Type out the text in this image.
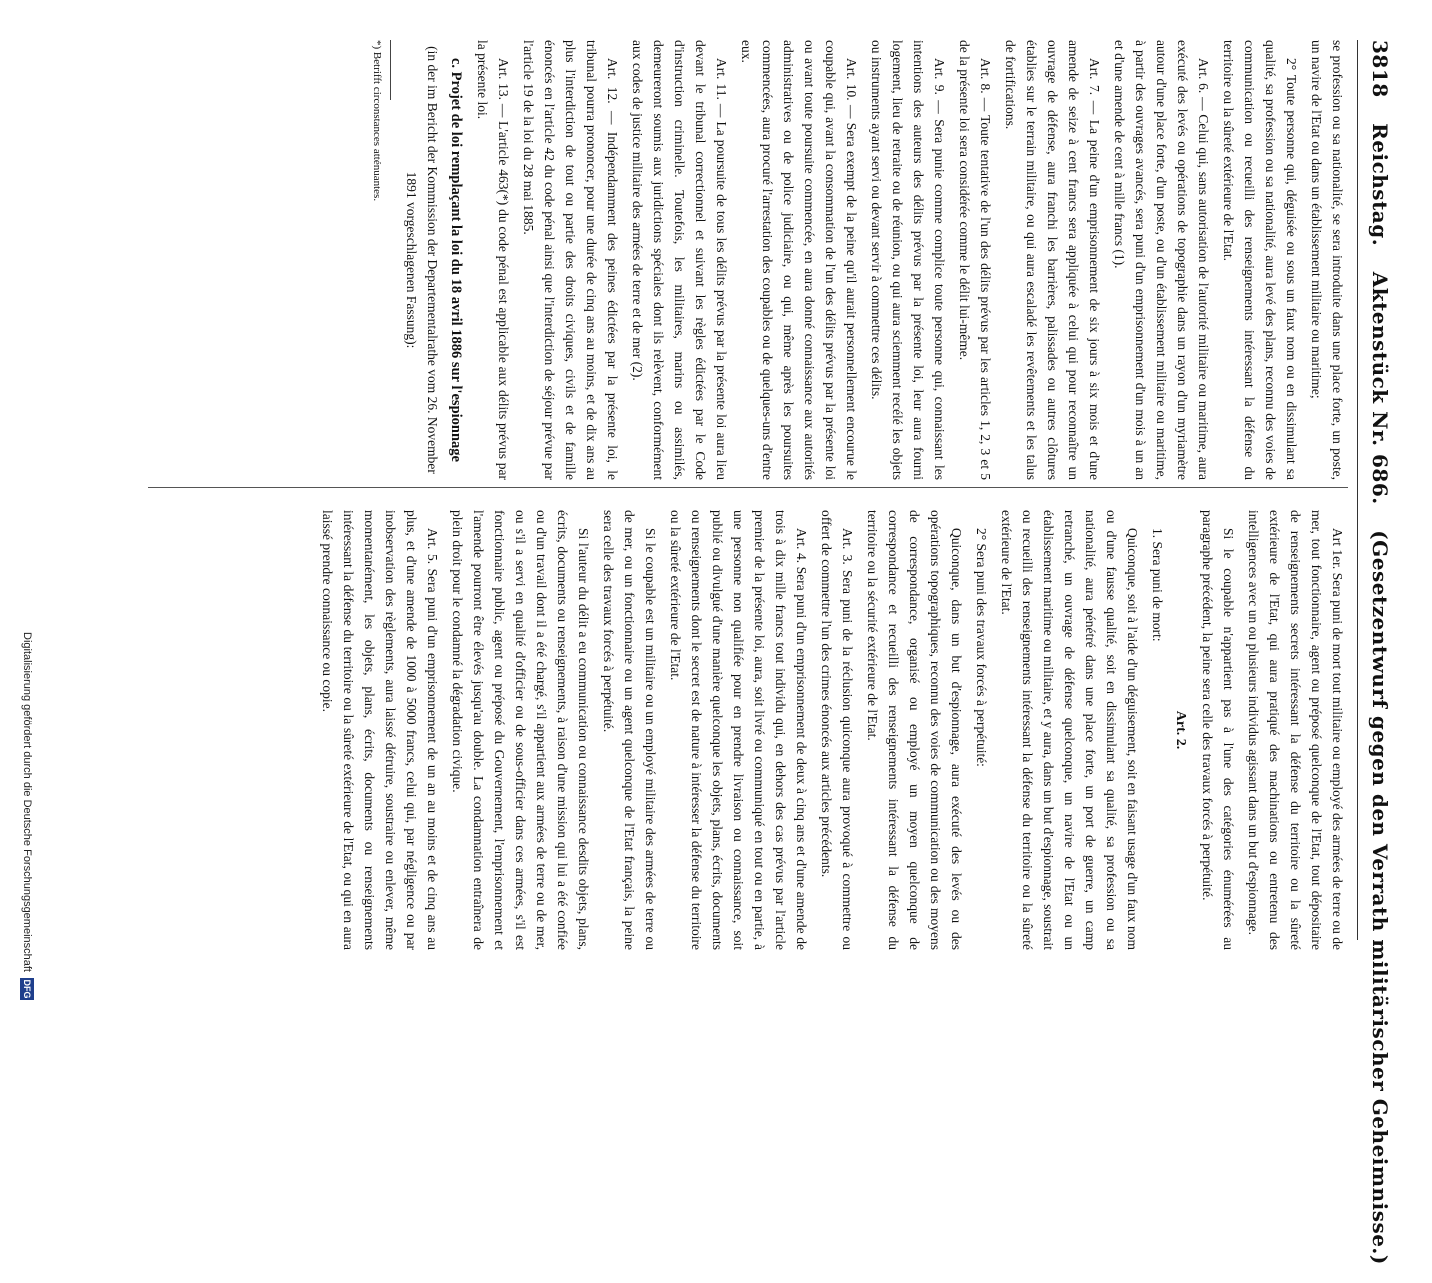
3818 Reichstag. Aktenstück Nr. 686. (Gesetzentwurf gegen den Verrath militärischer Geheimnisse.)

se profession ou sa nationalité, se sera introduite dans une place forte, un poste, un navire de l'Etat ou dans un établissement militaire ou maritime;

2° Toute personne qui, déguisée ou sous un faux nom ou en dissimulant sa qualité, sa profession ou sa nationalité, aura levé des plans, reconnu des voies de communication ou recueilli des renseignements intéressant la défense du territoire ou la sûreté extérieure de l'Etat.

Art. 6. — Celui qui, sans autorisation de l'autorité militaire ou maritime, aura exécuté des levés ou opérations de topographie dans un rayon d'un myriamètre autour d'une place forte, d'un poste, ou d'un établissement militaire ou maritime, à partir des ouvrages avancés, sera puni d'un emprisonnement d'un mois à un an et d'une amende de cent à mille francs (1).

Art. 7. — La peine d'un emprisonnement de six jours à six mois et d'une amende de seize à cent francs sera appliquée à celui qui pour reconnaître un ouvrage de défense, aura franchi les barrières, palissades ou autres clôtures établies sur le terrain militaire, ou qui aura escaladé les revêtements et les talus de fortifications.

Art. 8. — Toute tentative de l'un des délits prévus par les articles 1, 2, 3 et 5 de la présente loi sera considérée comme le délit lui-même.

Art. 9. — Sera punie comme complice toute personne qui, connaissant les intentions des auteurs des délits prévus par la présente loi, leur aura fourni logement, lieu de retraite ou de réunion, ou qui aura sciemment recélé les objets ou instruments ayant servi ou devant servir à commettre ces délits.

Art. 10. — Sera exempt de la peine qu'il aurait personnellement encourue le coupable qui, avant la consommation de l'un des délits prévus par la présente loi ou avant toute poursuite commencée, en aura donné connaissance aux autorités administratives ou de police judiciaire, ou qui, même après les poursuites commencées, aura procuré l'arrestation des coupables ou de quelques-uns d'entre eux.

Art. 11. — La poursuite de tous les délits prévus par la présente loi aura lieu devant le tribunal correctionnel et suivant les règles édictées par le Code d'instruction criminelle. Toutefois, les militaires, marins ou assimilés, demeureront soumis aux juridictions spéciales dont ils relèvent, conformément aux codes de justice militaire des armées de terre et de mer (2).

Art. 12. — Indépendamment des peines édictées par la présente loi, le tribunal pourra prononcer, pour une durée de cinq ans au moins, et de dix ans au plus l'interdiction de tout ou partie des droits civiques, civils et de famille énoncés en l'article 42 du code pénal ainsi que l'interdiction de séjour prévue par l'article 19 de la loi du 28 mai 1885.

Art. 13. — L'article 463(*) du code pénal est applicable aux délits prévus par la présente loi.

c. Projet de loi remplaçant la loi du 18 avril 1886 sur l'espionnage

(in der im Bericht der Kommission der Departementalrathe vom 26. November 1891 vorgeschlagenen Fassung):

*) Betrifft circonstances atténuantes.

Art 1er. Sera puni de mort tout militaire ou employé des armées de terre ou de mer, tout fonctionnaire, agent ou préposé quelconque de l'Etat, tout dépositaire de renseignements secrets intéressant la défense du territoire ou la sûreté extérieure de l'Etat, qui aura pratiqué des machinations ou entretenu des intelligences avec un ou plusieurs individus agissant dans un but d'espionnage.

Si le coupable n'appartient pas à l'une des catégories énumérées au paragraphe précédent, la peine sera celle des travaux forcés à perpétuité.

Art. 2.

1. Sera puni de mort:

Quiconque, soit à l'aide d'un déguisement, soit en faisant usage d'un faux nom ou d'une fausse qualité, soit en dissimulant sa qualité, sa profession ou sa nationalité, aura pénétré dans une place forte, un port de guerre, un camp retranché, un ouvrage de défense quelconque, un navire de l'Etat ou un établissement maritime ou militaire, et y aura, dans un but d'espionnage, soustrait ou recueilli des renseignements intéressant la défense du territoire ou la sûreté extérieure de l'Etat.

2° Sera puni des travaux forcés à perpétuité:

Quiconque, dans un but d'espionnage, aura exécuté des levés ou des opérations topographiques, reconnu des voies de communication ou des moyens de correspondance, organisé ou employé un moyen quelconque de correspondance et recueilli des renseignements intéressant la défense du territoire ou la sécurité extérieure de l'Etat.

Art. 3. Sera puni de la réclusion quiconque aura provoqué à commettre ou offert de commettre l'un des crimes énoncés aux articles précédents.

Art. 4. Sera puni d'un emprisonnement de deux à cinq ans et d'une amende de trois à dix mille francs tout individu qui, en dehors des cas prévus par l'article premier de la présente loi, aura, soit livré ou communiqué en tout ou en partie, à une personne non qualifiée pour en prendre livraison ou connaissance, soit publié ou divulgué d'une manière quelconque les objets, plans, écrits, documents ou renseignements dont le secret est de nature à intéresser la défense du territoire ou la sûreté extérieure de l'Etat.

Si le coupable est un militaire ou un employé militaire des armées de terre ou de mer, ou un fonctionnaire ou un agent quelconque de l'Etat français, la peine sera celle des travaux forcés à perpétuité.

Si l'auteur du délit a eu communication ou connaissance desdits objets, plans, écrits, documents ou renseignements, à raison d'une mission qui lui a été confiée ou d'un travail dont il a été chargé, s'il appartient aux armées de terre ou de mer, ou s'il a servi en qualité d'officier ou de sous-officier dans ces armées, s'il est fonctionnaire public, agent ou préposé du Gouvernement, l'emprisonnement et l'amende pourront être élevés jusqu'au double. La condamnation entraînera de plein droit pour le condamné la dégradation civique.

Art. 5. Sera puni d'un emprisonnement de un an au moins et de cinq ans au plus, et d'une amende de 1000 à 5000 francs, celui qui, par négligence ou par inobservation des règlements, aura laissé détruire, soustraire ou enlever, même momentanément, les objets, plans, écrits, documents ou renseignements intéressant la défense du territoire ou la sûreté extérieure de l'Etat, ou qui en aura laissé prendre connaissance ou copie.

Digitalisierung gefördert durch die Deutsche Forschungsgemeinschaft
DFG
